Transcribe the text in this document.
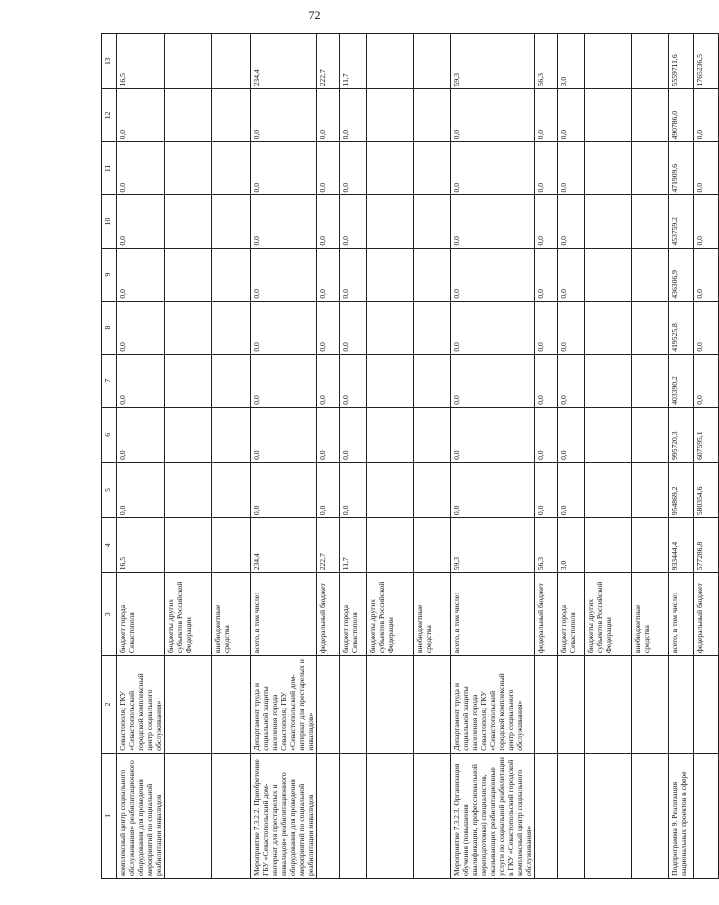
72
1	2	3	4	5	6	7	8	9	10	11	12	13
комплексный центр социального обслуживания» реабилитационного оборудования для проведения мероприятий по социальной реабилитации инвалидов	Севастополя; ГКУ «Севастопольский городской комплексный центр социального обслуживания»	бюджет города Севастополя	16,5	0,0	0,0	0,0	0,0	0,0	0,0	0,0	0,0	16,5
		бюджеты других субъектов Российской Федерации										
		внебюджетные средства										
Мероприятие 7.3.2.2. Приобретение ГБУ «Севастопольский дом-интернат для престарелых и инвалидов» реабилитационного оборудования для проведения мероприятий по социальной реабилитации инвалидов	Департамент труда и социальной защиты населения города Севастополя; ГБУ «Севастопольский дом-интернат для престарелых и инвалидов»	всего, в том числе:	234,4	0,0	0,0	0,0	0,0	0,0	0,0	0,0	0,0	234,4
		федеральный бюджет	222,7	0,0	0,0	0,0	0,0	0,0	0,0	0,0	0,0	222,7
		бюджет города Севастополя	11,7	0,0	0,0	0,0	0,0	0,0	0,0	0,0	0,0	11,7
		бюджеты других субъектов Российской Федерации										
		внебюджетные средства										
Мероприятие 7.3.2.3. Организация обучения (повышения квалификации, профессиональной переподготовки) специалистов, оказывающих реабилитационные услуги по социальной реабилитации в ГКУ «Севастопольский городской комплексный центр социального обслуживания»	Департамент труда и социальной защиты населения города Севастополя; ГКУ «Севастопольский городской комплексный центр социального обслуживания»	всего, в том числе:	59,3	0,0	0,0	0,0	0,0	0,0	0,0	0,0	0,0	59,3
		федеральный бюджет	56,3	0,0	0,0	0,0	0,0	0,0	0,0	0,0	0,0	56,3
		бюджет города Севастополя	3,0	0,0	0,0	0,0	0,0	0,0	0,0	0,0	0,0	3,0
		бюджеты других субъектов Российской Федерации										
		внебюджетные средства										
Подпрограмма 9. Реализация национальных проектов в сфере		всего, в том числе:	933444,4	954869,2	995720,3	403390,2	419525,8	436306,9	453759,2	471909,6	490786,0	5559711,6
		федеральный бюджет	577286,8	580354,6	607595,1	0,0	0,0	0,0	0,0	0,0	0,0	1765236,5
